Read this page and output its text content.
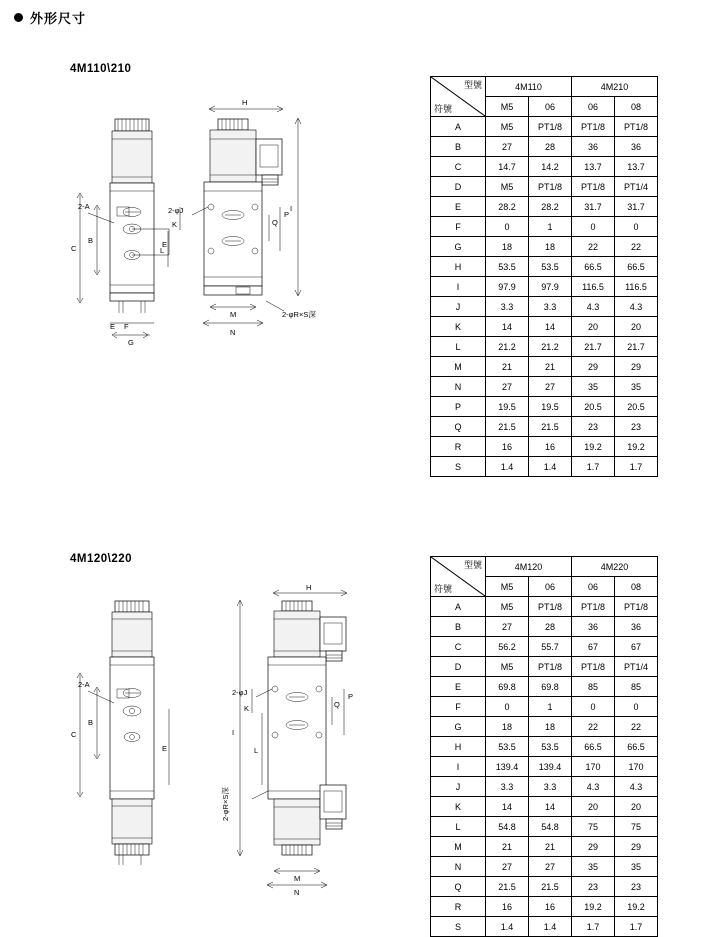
外形尺寸
4M110\210
2-A
B
C	E
E F
G
H
I
2-φJ
K
L
M
N
2-φR×S深
P
Q
型號
符號	4M110		4M210	
	M5	06	06	08
A	M5	PT1/8	PT1/8	PT1/8
B	27	28	36	36
C	14.7	14.2	13.7	13.7
D	M5	PT1/8	PT1/8	PT1/4
E	28.2	28.2	31.7	31.7
F	0	1	0	0
G	18	18	22	22
H	53.5	53.5	66.5	66.5
I	97.9	97.9	116.5	116.5
J	3.3	3.3	4.3	4.3
K	14	14	20	20
L	21.2	21.2	21.7	21.7
M	21	21	29	29
N	27	27	35	35
P	19.5	19.5	20.5	20.5
Q	21.5	21.5	23	23
R	16	16	19.2	19.2
S	1.4	1.4	1.7	1.7
4M120\220
2-A
B
C
E
H
I
2-φJ
K
L
P
Q
M
N
2-φR×S深
型號
符號	4M120		4M220	
	M5	06	06	08
A	M5	PT1/8	PT1/8	PT1/8
B	27	28	36	36
C	56.2	55.7	67	67
D	M5	PT1/8	PT1/8	PT1/4
E	69.8	69.8	85	85
F	0	1	0	0
G	18	18	22	22
H	53.5	53.5	66.5	66.5
I	139.4	139.4	170	170
J	3.3	3.3	4.3	4.3
K	14	14	20	20
L	54.8	54.8	75	75
M	21	21	29	29
N	27	27	35	35
Q	21.5	21.5	23	23
R	16	16	19.2	19.2
S	1.4	1.4	1.7	1.7
